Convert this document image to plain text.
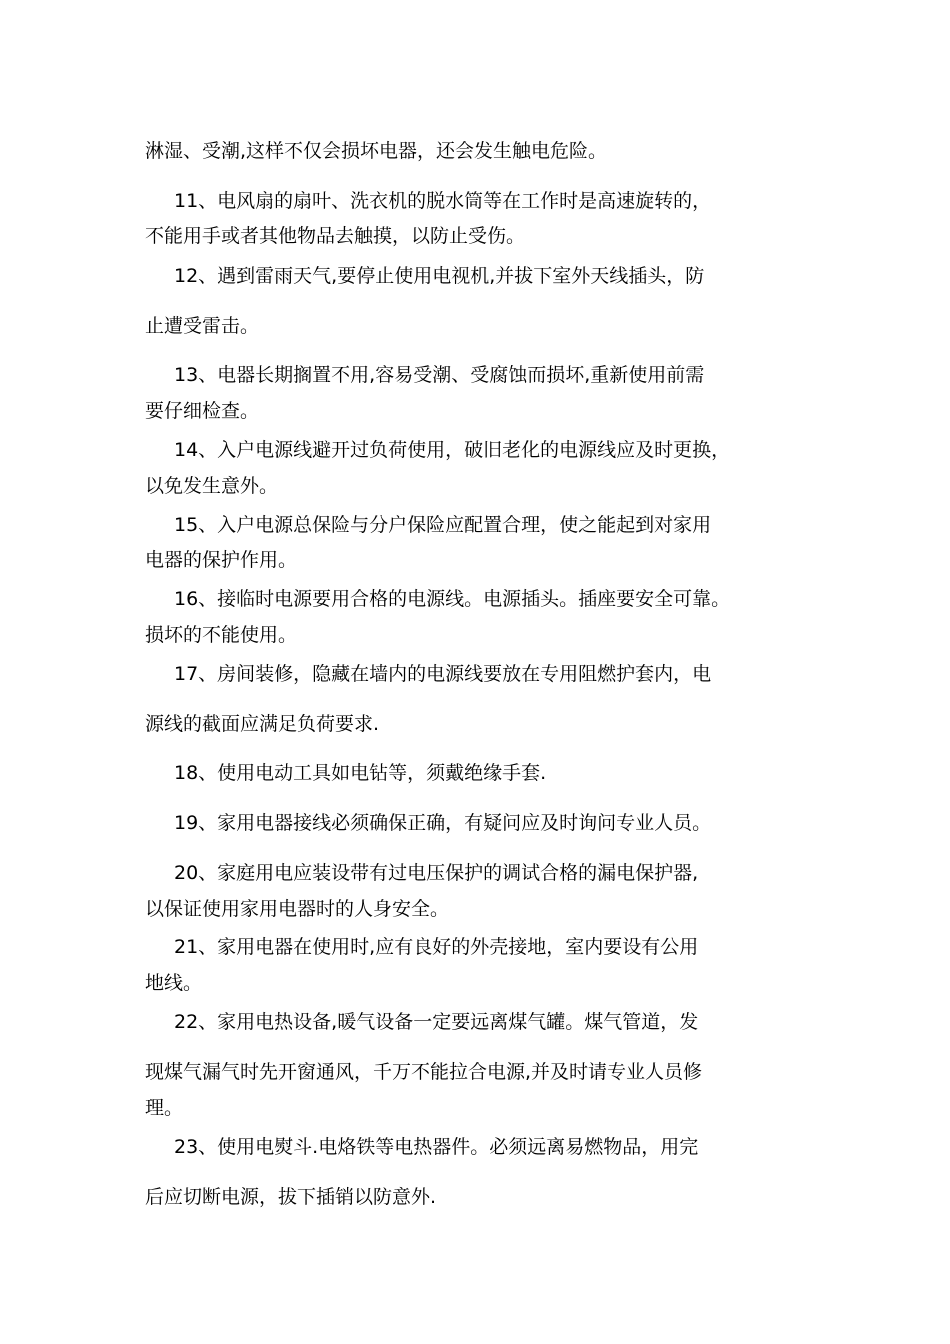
淋湿、受潮,这样不仅会损坏电器，还会发生触电危险。
11、电风扇的扇叶、洗衣机的脱水筒等在工作时是高速旋转的，
不能用手或者其他物品去触摸，以防止受伤。
12、遇到雷雨天气,要停止使用电视机,并拔下室外天线插头，防
止遭受雷击。
13、电器长期搁置不用,容易受潮、受腐蚀而损坏,重新使用前需
要仔细检查。
14、入户电源线避开过负荷使用，破旧老化的电源线应及时更换，
以免发生意外。
15、入户电源总保险与分户保险应配置合理，使之能起到对家用
电器的保护作用。
16、接临时电源要用合格的电源线。电源插头。插座要安全可靠。
损坏的不能使用。
17、房间装修，隐藏在墙内的电源线要放在专用阻燃护套内，电
源线的截面应满足负荷要求.
18、使用电动工具如电钻等，须戴绝缘手套.
19、家用电器接线必须确保正确，有疑问应及时询问专业人员。
20、家庭用电应装设带有过电压保护的调试合格的漏电保护器,
以保证使用家用电器时的人身安全。
21、家用电器在使用时,应有良好的外壳接地，室内要设有公用
地线。
22、家用电热设备,暖气设备一定要远离煤气罐。煤气管道，发
现煤气漏气时先开窗通风，千万不能拉合电源,并及时请专业人员修
理。
23、使用电熨斗.电烙铁等电热器件。必须远离易燃物品，用完
后应切断电源，拔下插销以防意外.
